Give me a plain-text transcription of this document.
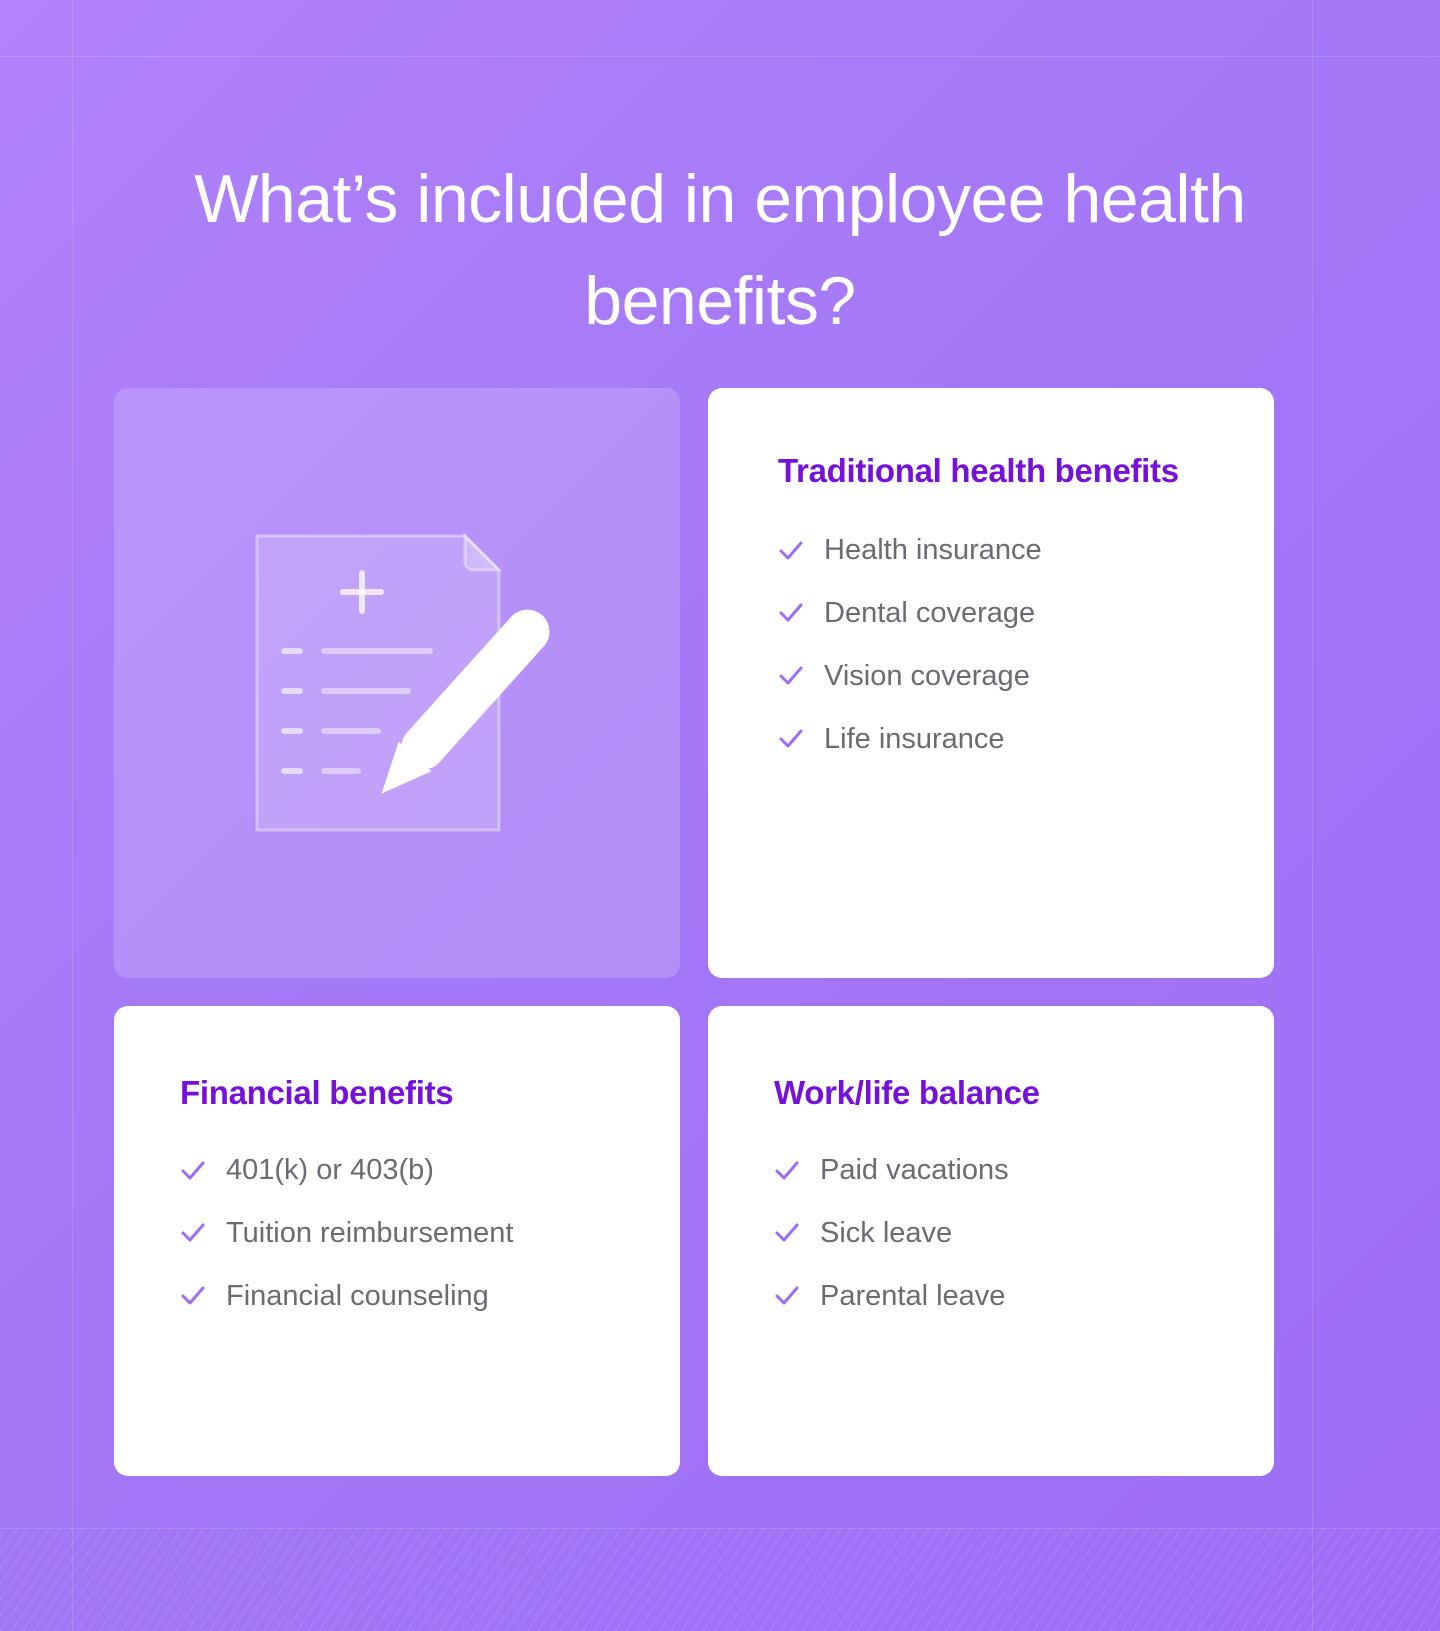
What’s included in employee health benefits?
Traditional health benefits
Health insurance
Dental coverage
Vision coverage
Life insurance
Financial benefits
401(k) or 403(b)
Tuition reimbursement
Financial counseling
Work/life balance
Paid vacations
Sick leave
Parental leave
